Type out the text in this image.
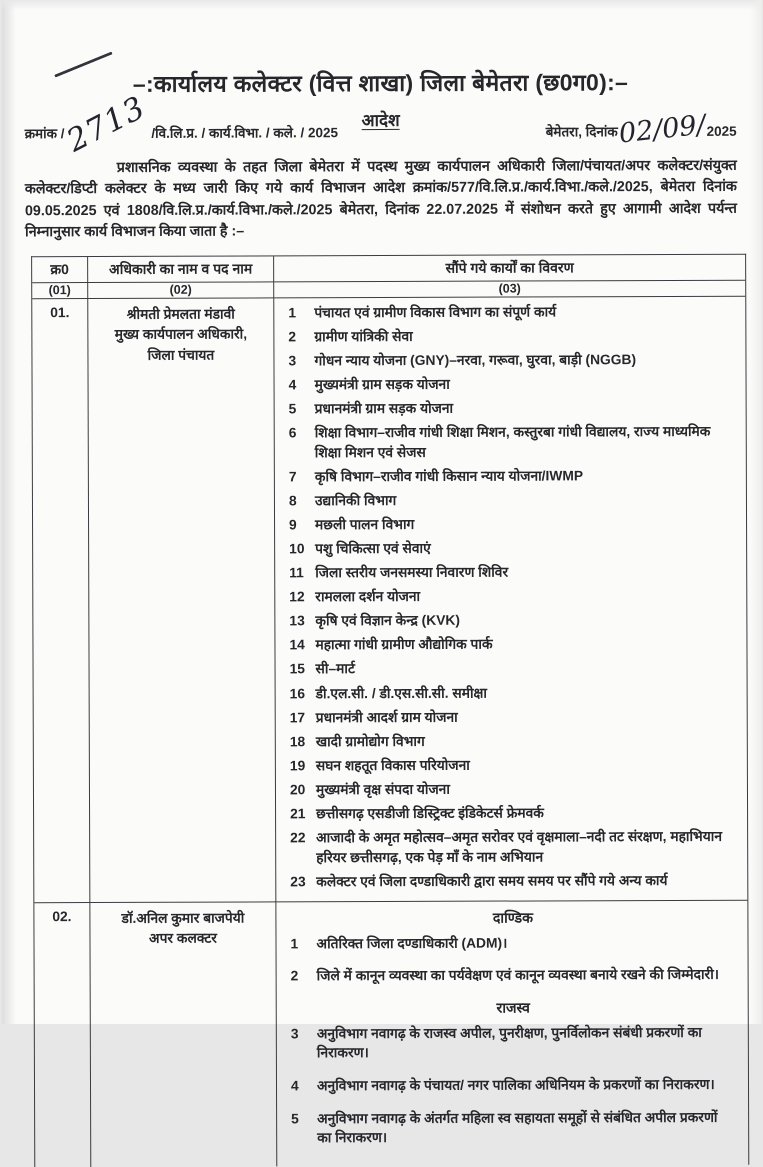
–:कार्यालय कलेक्टर (वित्त शाखा) जिला बेमेतरा (छ0ग0):–
आदेश
क्रमांक /2713/वि.लि.प्र. / कार्य.विभा. / कले. / 2025	बेमेतरा, दिनांक02/09/2025

प्रशासनिक व्यवस्था के तहत जिला बेमेतरा में पदस्थ मुख्य कार्यपालन अधिकारी जिला/पंचायत/अपर कलेक्टर/संयुक्त कलेक्टर/डिप्टी कलेक्टर के मध्य जारी किए गये कार्य विभाजन आदेश क्रमांक/577/वि.लि.प्र./कार्य.विभा./कले./2025, बेमेतरा दिनांक 09.05.2025 एवं 1808/वि.लि.प्र./कार्य.विभा./कले./2025 बेमेतरा, दिनांक 22.07.2025 में संशोधन करते हुए आगामी आदेश पर्यन्त निम्नानुसार कार्य विभाजन किया जाता है :–

क्र0	अधिकारी का नाम व पद नाम	सौंपे गये कार्यों का विवरण
(01)	(02)	(03)
01.	श्रीमती प्रेमलता मंडावी
मुख्य कार्यपालन अधिकारी,
जिला पंचायत
1	पंचायत एवं ग्रामीण विकास विभाग का संपूर्ण कार्य
2	ग्रामीण यांत्रिकी सेवा
3	गोधन न्याय योजना (GNY)–नरवा, गरूवा, घुरवा, बाड़ी (NGGB)
4	मुख्यमंत्री ग्राम सड़क योजना
5	प्रधानमंत्री ग्राम सड़क योजना
6	शिक्षा विभाग–राजीव गांधी शिक्षा मिशन, कस्तुरबा गांधी विद्यालय, राज्य माध्यमिक शिक्षा मिशन एवं सेजस
7	कृषि विभाग–राजीव गांधी किसान न्याय योजना/IWMP
8	उद्यानिकी विभाग
9	मछली पालन विभाग
10 पशु चिकित्सा एवं सेवाएं
11 जिला स्तरीय जनसमस्या निवारण शिविर
12 रामलला दर्शन योजना
13 कृषि एवं विज्ञान केन्द्र (KVK)
14 महात्मा गांधी ग्रामीण औद्योगिक पार्क
15 सी–मार्ट
16 डी.एल.सी. / डी.एस.सी.सी. समीक्षा
17 प्रधानमंत्री आदर्श ग्राम योजना
18 खादी ग्रामोद्योग विभाग
19 सघन शहतूत विकास परियोजना
20 मुख्यमंत्री वृक्ष संपदा योजना
21 छत्तीसगढ़ एसडीजी डिस्ट्रिक्ट इंडिकेटर्स फ्रेमवर्क
22 आजादी के अमृत महोत्सव–अमृत सरोवर एवं वृक्षमाला–नदी तट संरक्षण, महाभियान हरियर छत्तीसगढ़, एक पेड़ माँ के नाम अभियान
23 कलेक्टर एवं जिला दण्डाधिकारी द्वारा समय समय पर सौंपे गये अन्य कार्य
02.	डॉ.अनिल कुमार बाजपेयी
अपर कलक्टर
दाण्डिक
1	अतिरिक्त जिला दण्डाधिकारी (ADM)।
2	जिले में कानून व्यवस्था का पर्यवेक्षण एवं कानून व्यवस्था बनाये रखने की जिम्मेदारी।
राजस्व
3	अनुविभाग नवागढ़ के राजस्व अपील, पुनरीक्षण, पुनर्विलोकन संबंधी प्रकरणों का निराकरण।
4	अनुविभाग नवागढ़ के पंचायत/ नगर पालिका अधिनियम के प्रकरणों का निराकरण।
5	अनुविभाग नवागढ़ के अंतर्गत महिला स्व सहायता समूहों से संबंधित अपील प्रकरणों का निराकरण।
